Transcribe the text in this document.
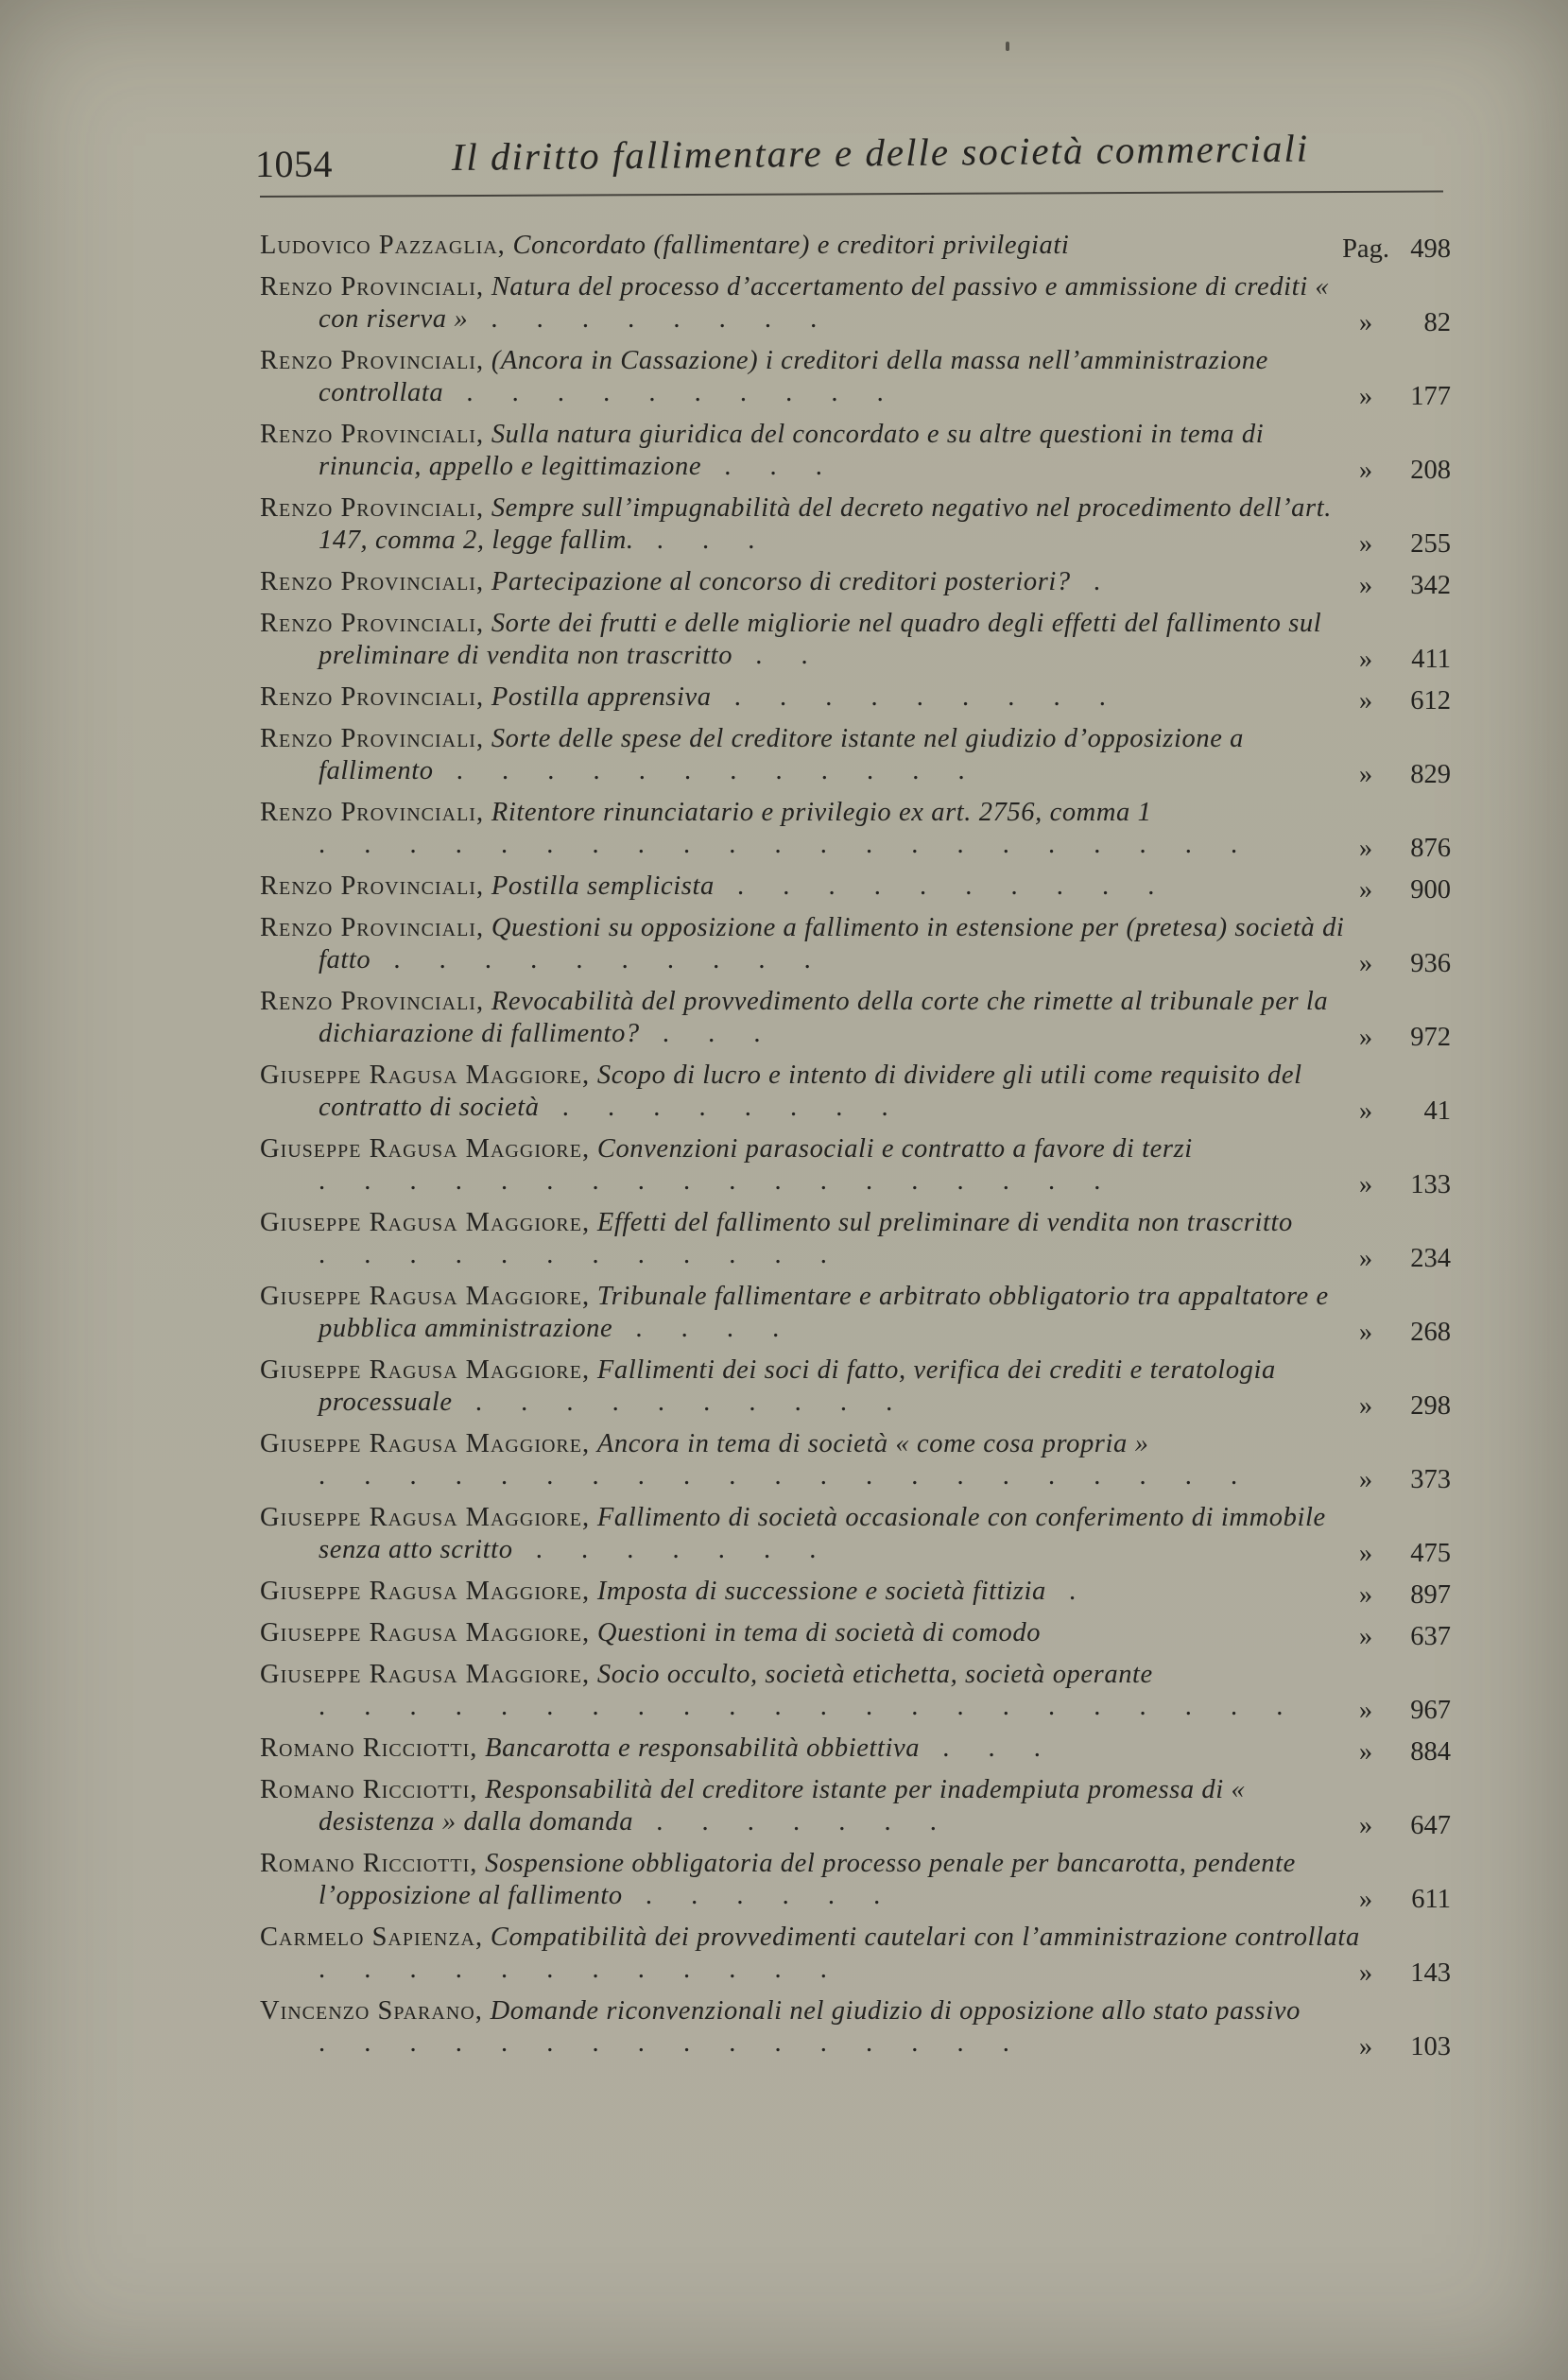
1054	Il diritto fallimentare e delle società commerciali
Ludovico Pazzaglia, Concordato (fallimentare) e creditori privilegiati	Pag. 498
Renzo Provinciali, Natura del processo d’accertamento del passivo e ammissione di crediti « con riserva » . . . . . . . .	» 82
Renzo Provinciali, (Ancora in Cassazione) i creditori della massa nell’amministrazione controllata . . . . . . . . . .	» 177
Renzo Provinciali, Sulla natura giuridica del concordato e su altre questioni in tema di rinuncia, appello e legittimazione . . .	» 208
Renzo Provinciali, Sempre sull’impugnabilità del decreto negativo nel procedimento dell’art. 147, comma 2, legge fallim. . . .	» 255
Renzo Provinciali, Partecipazione al concorso di creditori posteriori? .	» 342
Renzo Provinciali, Sorte dei frutti e delle migliorie nel quadro degli effetti del fallimento sul preliminare di vendita non trascritto . .	» 411
Renzo Provinciali, Postilla apprensiva . . . . . . . . .	» 612
Renzo Provinciali, Sorte delle spese del creditore istante nel giudizio d’opposizione a fallimento . . . . . . . . . . . .	» 829
Renzo Provinciali, Ritentore rinunciatario e privilegio ex art. 2756, comma 1 . . . . . . . . . . . . . . . . . . . . .	» 876
Renzo Provinciali, Postilla semplicista . . . . . . . . . .	» 900
Renzo Provinciali, Questioni su opposizione a fallimento in estensione per (pretesa) società di fatto . . . . . . . . . .	» 936
Renzo Provinciali, Revocabilità del provvedimento della corte che rimette al tribunale per la dichiarazione di fallimento? . . .	» 972
Giuseppe Ragusa Maggiore, Scopo di lucro e intento di dividere gli utili come requisito del contratto di società . . . . . . . .	» 41
Giuseppe Ragusa Maggiore, Convenzioni parasociali e contratto a favore di terzi . . . . . . . . . . . . . . . . . .	» 133
Giuseppe Ragusa Maggiore, Effetti del fallimento sul preliminare di vendita non trascritto . . . . . . . . . . . .	» 234
Giuseppe Ragusa Maggiore, Tribunale fallimentare e arbitrato obbligatorio tra appaltatore e pubblica amministrazione . . . .	» 268
Giuseppe Ragusa Maggiore, Fallimenti dei soci di fatto, verifica dei crediti e teratologia processuale . . . . . . . . . .	» 298
Giuseppe Ragusa Maggiore, Ancora in tema di società « come cosa propria » . . . . . . . . . . . . . . . . . . . . .	» 373
Giuseppe Ragusa Maggiore, Fallimento di società occasionale con conferimento di immobile senza atto scritto . . . . . . .	» 475
Giuseppe Ragusa Maggiore, Imposta di successione e società fittizia .	» 897
Giuseppe Ragusa Maggiore, Questioni in tema di società di comodo	» 637
Giuseppe Ragusa Maggiore, Socio occulto, società etichetta, società operante . . . . . . . . . . . . . . . . . . . . . .	» 967
Romano Ricciotti, Bancarotta e responsabilità obbiettiva . . .	» 884
Romano Ricciotti, Responsabilità del creditore istante per inadempiuta promessa di « desistenza » dalla domanda . . . . . . .	» 647
Romano Ricciotti, Sospensione obbligatoria del processo penale per bancarotta, pendente l’opposizione al fallimento . . . . . .	» 611
Carmelo Sapienza, Compatibilità dei provvedimenti cautelari con l’amministrazione controllata . . . . . . . . . . . .	» 143
Vincenzo Sparano, Domande riconvenzionali nel giudizio di opposizione allo stato passivo . . . . . . . . . . . . . . . .	» 103
